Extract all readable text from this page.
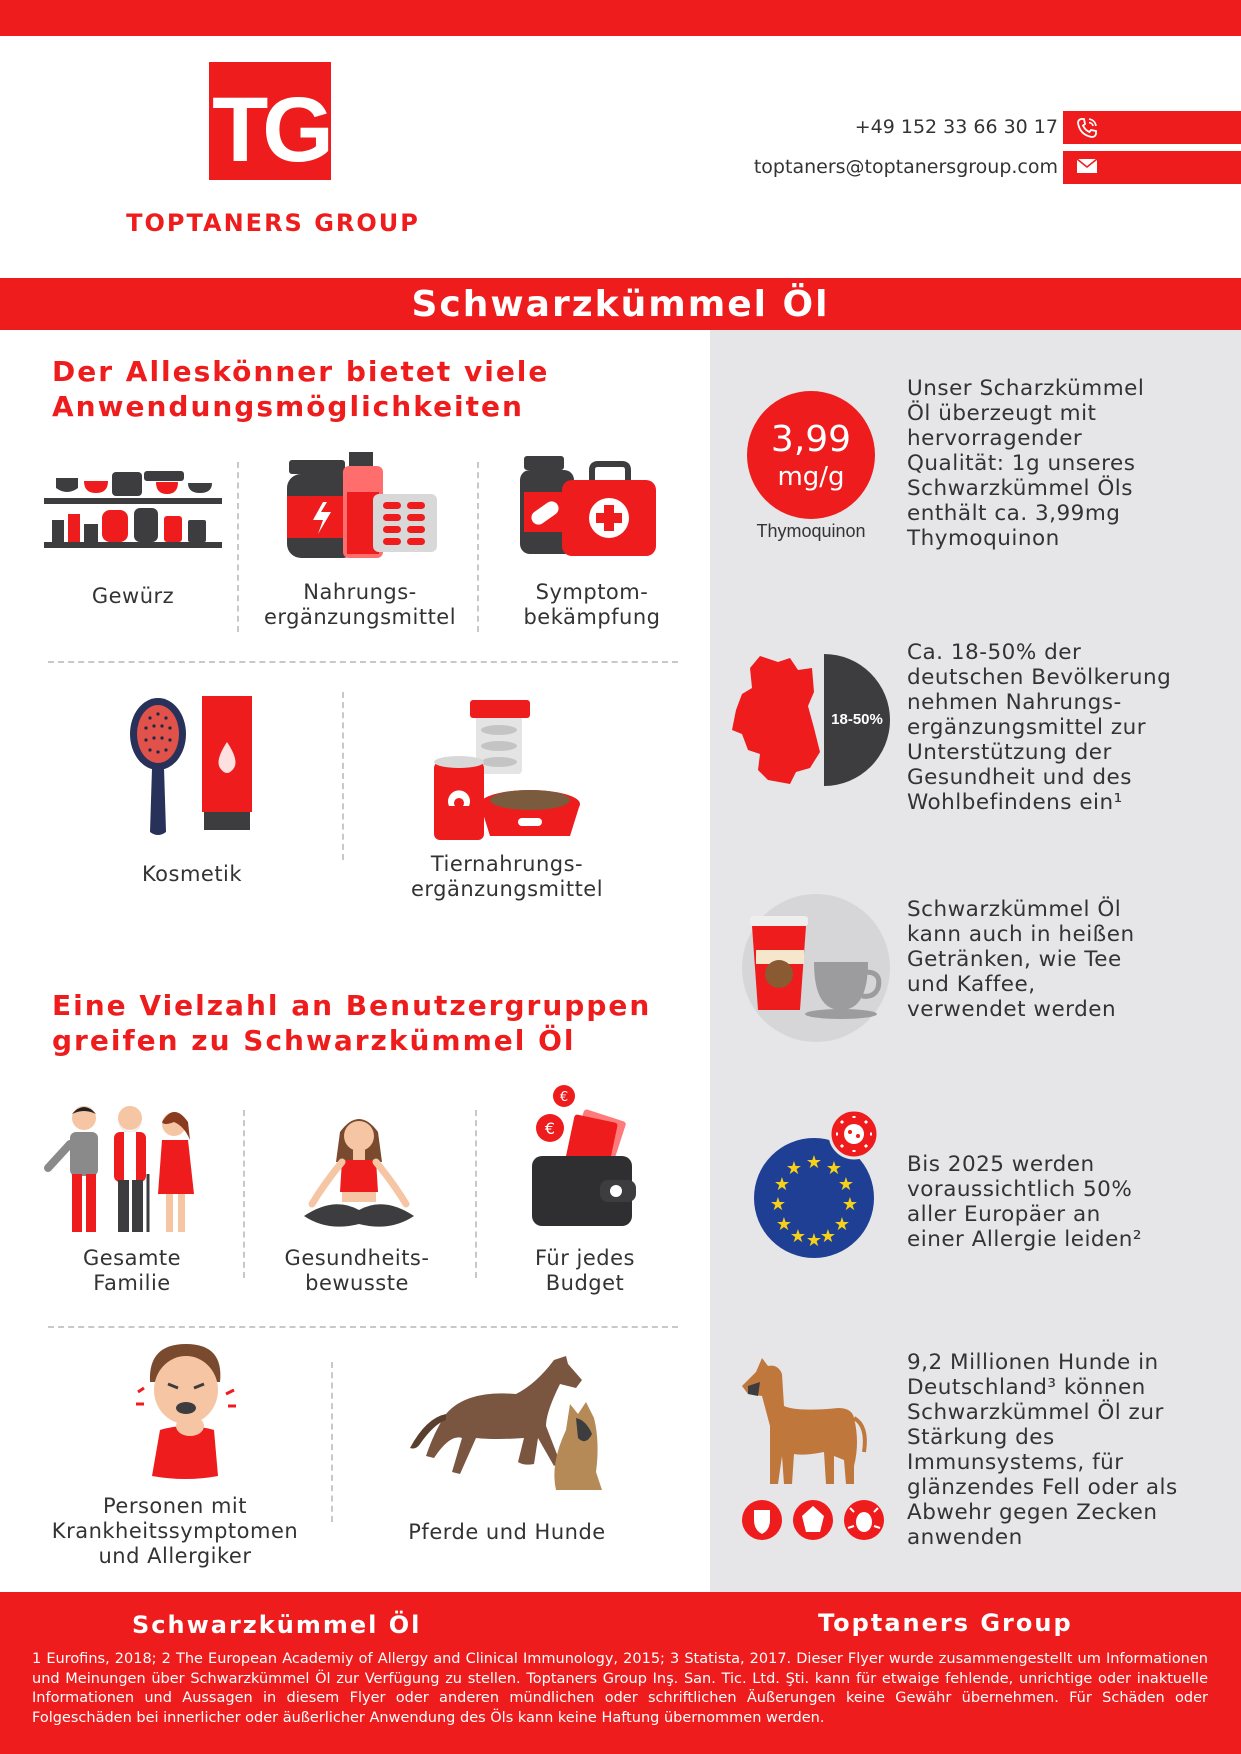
TG
TOPTANERS GROUP
+49 152 33 66 30 17
toptaners@toptanersgroup.com
Schwarzkümmel Öl
Der Alleskönner bietet viele
Anwendungsmöglichkeiten
Gewürz	Nahrungs-
ergänzungsmittel
Symptom-
bekämpfung
Kosmetik	Tiernahrungs-
ergänzungsmittel
Eine Vielzahl an Benutzergruppen
greifen zu Schwarzkümmel Öl
Gesamte
Familie
Gesundheits-
bewusste
€
€
Für jedes
Budget
Personen mit
Krankheitssymptomen
und Allergiker
Pferde und Hunde
3,99
mg/g
Thymoquinon
Unser Scharzkümmel
Öl überzeugt mit
hervorragender
Qualität: 1g unseres
Schwarzkümmel Öls
enthält ca. 3,99mg
Thymoquinon
18-50%
Ca. 18-50% der
deutschen Bevölkerung
nehmen Nahrungs-
ergänzungsmittel zur
Unterstützung der
Gesundheit und des
Wohlbefindens ein¹
Schwarzkümmel Öl
kann auch in heißen
Getränken, wie Tee
und Kaffee,
verwendet werden
★ ★
★
★
★
★
★
★
★
★
★
★	Bis 2025 werden
voraussichtlich 50%
aller Europäer an
einer Allergie leiden²
9,2 Millionen Hunde in
Deutschland³ können
Schwarzkümmel Öl zur
Stärkung des
Immunsystems, für
glänzendes Fell oder als
Abwehr gegen Zecken
anwenden
Schwarzkümmel Öl	Toptaners Group
1 Eurofins, 2018; 2 The European Academiy of Allergy and Clinical Immunology, 2015; 3 Statista, 2017. Dieser Flyer wurde zusammengestellt um Informationen und Meinungen über Schwarzkümmel Öl zur Verfügung zu stellen. Toptaners Group Inş. San. Tic. Ltd. Şti. kann für etwaige fehlende, unrichtige oder inaktuelle Informationen und Aussagen in diesem Flyer oder anderen mündlichen oder schriftlichen Äußerungen keine Gewähr übernehmen. Für Schäden oder Folgeschäden bei innerlicher oder äußerlicher Anwendung des Öls kann keine Haftung übernommen werden.
